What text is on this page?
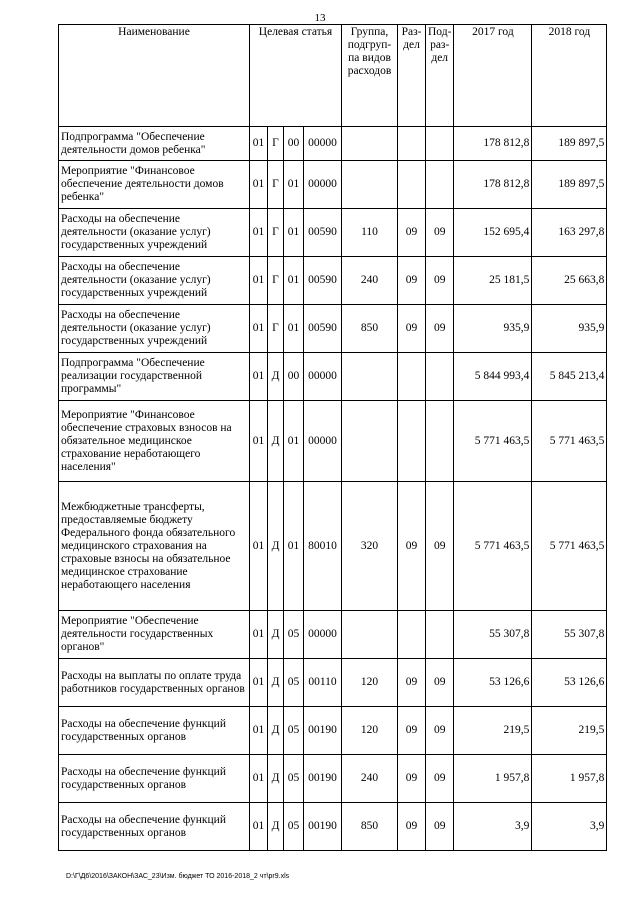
13
Наименование	Целевая статья				Группа, подгруп-па видов расходов	Раз-дел	Под-раз-дел	2017 год	2018 год
Подпрограмма "Обеспечение деятельности домов ребенка"	01	Г	00	00000				178 812,8	189 897,5
Мероприятие "Финансовое обеспечение деятельности домов ребенка"	01	Г	01	00000				178 812,8	189 897,5
Расходы на обеспечение деятельности (оказание услуг) государственных учреждений	01	Г	01	00590	110	09	09	152 695,4	163 297,8
Расходы на обеспечение деятельности (оказание услуг) государственных учреждений	01	Г	01	00590	240	09	09	25 181,5	25 663,8
Расходы на обеспечение деятельности (оказание услуг) государственных учреждений	01	Г	01	00590	850	09	09	935,9	935,9
Подпрограмма "Обеспечение реализации государственной программы"	01	Д	00	00000				5 844 993,4	5 845 213,4
Мероприятие "Финансовое обеспечение страховых взносов на обязательное медицинское страхование неработающего населения"	01	Д	01	00000				5 771 463,5	5 771 463,5
Межбюджетные трансферты, предоставляемые бюджету Федерального фонда обязательного медицинского страхования на страховые взносы на обязательное медицинское страхование неработающего населения	01	Д	01	80010	320	09	09	5 771 463,5	5 771 463,5
Мероприятие "Обеспечение деятельности государственных органов"	01	Д	05	00000				55 307,8	55 307,8
Расходы на выплаты по оплате труда работников государственных органов	01	Д	05	00110	120	09	09	53 126,6	53 126,6
Расходы на обеспечение функций государственных органов	01	Д	05	00190	120	09	09	219,5	219,5
Расходы на обеспечение функций государственных органов	01	Д	05	00190	240	09	09	1 957,8	1 957,8
Расходы на обеспечение функций государственных органов	01	Д	05	00190	850	09	09	3,9	3,9
D:\Г\Д6\2016\ЗАКОН\ЗАС_23\Изм. бюджет ТО 2016-2018_2 чт\pr9.xls
